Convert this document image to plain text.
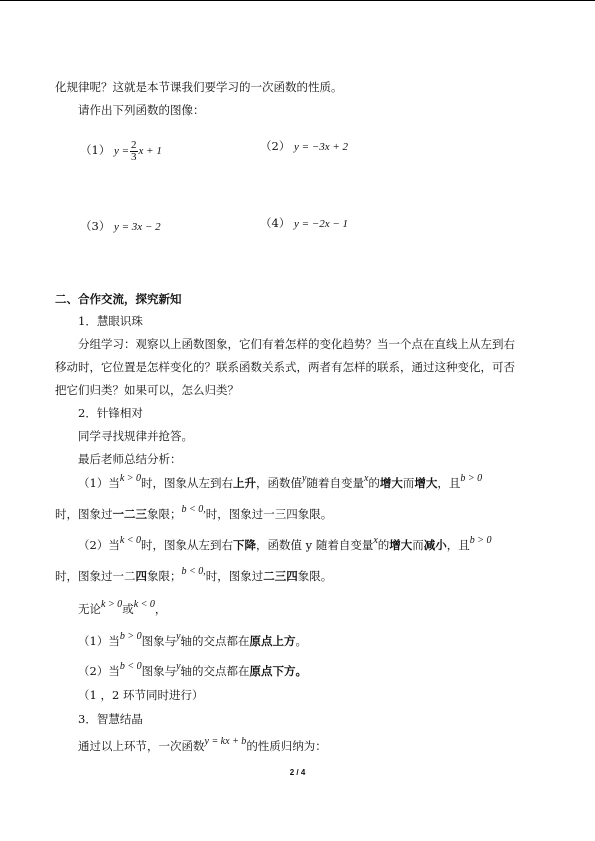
化规律呢？这就是本节课我们要学习的一次函数的性质。
请作出下列函数的图像：
（1） $y = \frac{2}{3}$ x + 1	（2） y = −3x + 2
（3） y = 3x − 2	（4） y = −2x − 1
二、合作交流，探究新知
1．慧眼识珠
分组学习：观察以上函数图象，它们有着怎样的变化趋势？当一个点在直线上从左到右
移动时，它位置是怎样变化的？联系函数关系式，两者有怎样的联系，通过这种变化，可否
把它们归类？如果可以，怎么归类？
2．针锋相对
同学寻找规律并抢答。
最后老师总结分析：
（1）当k > 0时，图象从左到右上升，函数值y随着自变量x的增大而增大，且b > 0
时，图象过一二三象限；b < 0,时，图象过一三四象限。
（2）当k < 0时，图象从左到右下降，函数值 y 随着自变量x的增大而减小，且b > 0
时，图象过一二四象限；b < 0,时，图象过二三四象限。
无论k > 0或k < 0，
（1）当b > 0图象与y轴的交点都在原点上方。
（2）当b < 0图象与y轴的交点都在原点下方。
（1 ，2 环节同时进行）
3．智慧结晶
通过以上环节，一次函数y = kx + b的性质归纳为：
2 / 4
